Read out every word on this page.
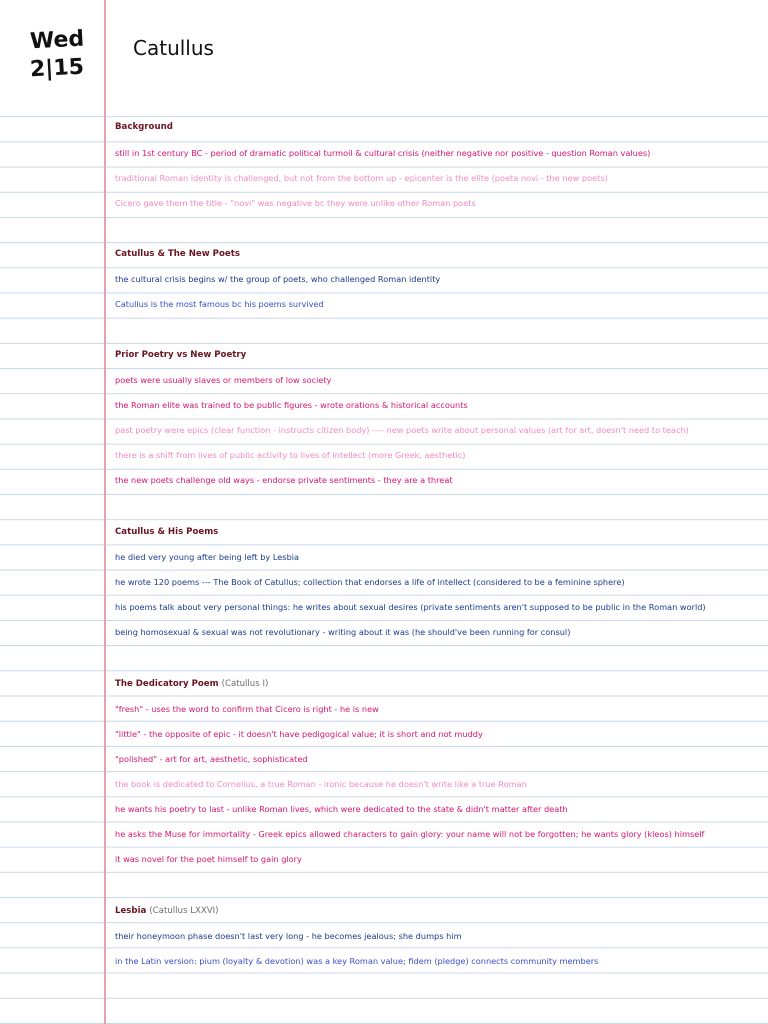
Wed
2|15
Catullus
Background
still in 1st century BC - period of dramatic political turmoil & cultural crisis (neither negative nor positive - question Roman values)
traditional Roman identity is challenged, but not from the bottom up - epicenter is the elite (poeta novi - the new poets)
Cicero gave them the title - "novi" was negative bc they were unlike other Roman poets
Catullus & The New Poets
the cultural crisis begins w/ the group of poets, who challenged Roman identity
Catullus is the most famous bc his poems survived
Prior Poetry vs New Poetry
poets were usually slaves or members of low society
the Roman elite was trained to be public figures - wrote orations & historical accounts
past poetry were epics (clear function - instructs citizen body) ---- new poets write about personal values (art for art, doesn't need to teach)
there is a shift from lives of public activity to lives of intellect (more Greek, aesthetic)
the new poets challenge old ways - endorse private sentiments - they are a threat
Catullus & His Poems
he died very young after being left by Lesbia
he wrote 120 poems --- The Book of Catullus; collection that endorses a life of intellect (considered to be a feminine sphere)
his poems talk about very personal things: he writes about sexual desires (private sentiments aren't supposed to be public in the Roman world)
being homosexual & sexual was not revolutionary - writing about it was (he should've been running for consul)
The Dedicatory Poem (Catullus I)
"fresh" - uses the word to confirm that Cicero is right - he is new
"little" - the opposite of epic - it doesn't have pedigogical value; it is short and not muddy
"polished" - art for art, aesthetic, sophisticated
the book is dedicated to Cornelius, a true Roman - ironic because he doesn't write like a true Roman
he wants his poetry to last - unlike Roman lives, which were dedicated to the state & didn't matter after death
he asks the Muse for immortality - Greek epics allowed characters to gain glory: your name will not be forgotten; he wants glory (kleos) himself
it was novel for the poet himself to gain glory
Lesbia (Catullus LXXVI)
their honeymoon phase doesn't last very long - he becomes jealous; she dumps him
in the Latin version: pium (loyalty & devotion) was a key Roman value; fidem (pledge) connects community members
